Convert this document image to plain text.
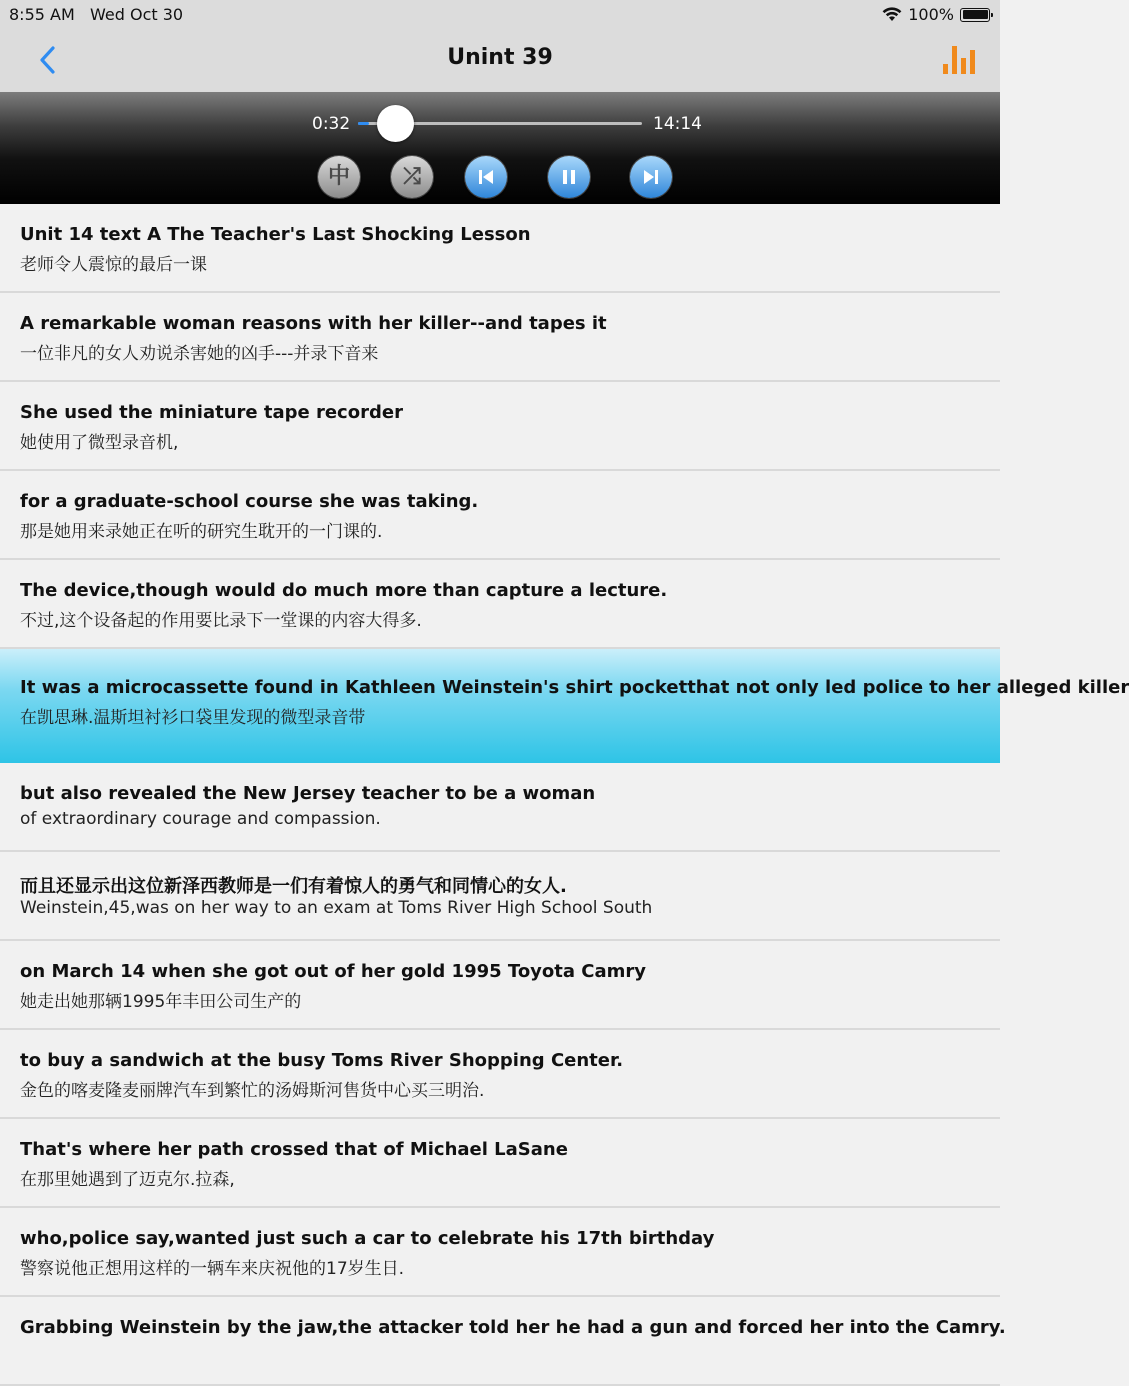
8:55 AM Wed Oct 30	100%
Unint 39
0:32	14:14
中 ⤮
Unit 14 text A The Teacher's Last Shocking Lesson
老师令人震惊的最后一课
A remarkable woman reasons with her killer--and tapes it
一位非凡的女人劝说杀害她的凶手---并录下音来
She used the miniature tape recorder
她使用了微型录音机,
for a graduate-school course she was taking.
那是她用来录她正在听的研究生耽开的一门课的.
The device,though would do much more than capture a lecture.
不过,这个设备起的作用要比录下一堂课的内容大得多.
It was a microcassette found in Kathleen Weinstein's shirt pocketthat not only led police to her alleged killer
在凯思琳.温斯坦衬衫口袋里发现的微型录音带
but also revealed the New Jersey teacher to be a woman
of extraordinary courage and compassion.
而且还显示出这位新泽西教师是一们有着惊人的勇气和同情心的女人.
Weinstein,45,was on her way to an exam at Toms River High School South
on March 14 when she got out of her gold 1995 Toyota Camry
她走出她那辆1995年丰田公司生产的
to buy a sandwich at the busy Toms River Shopping Center.
金色的喀麦隆麦丽牌汽车到繁忙的汤姆斯河售货中心买三明治.
That's where her path crossed that of Michael LaSane
在那里她遇到了迈克尔.拉森,
who,police say,wanted just such a car to celebrate his 17th birthday
警察说他正想用这样的一辆车来庆祝他的17岁生日.
Grabbing Weinstein by the jaw,the attacker told her he had a gun and forced her into the Camry.
